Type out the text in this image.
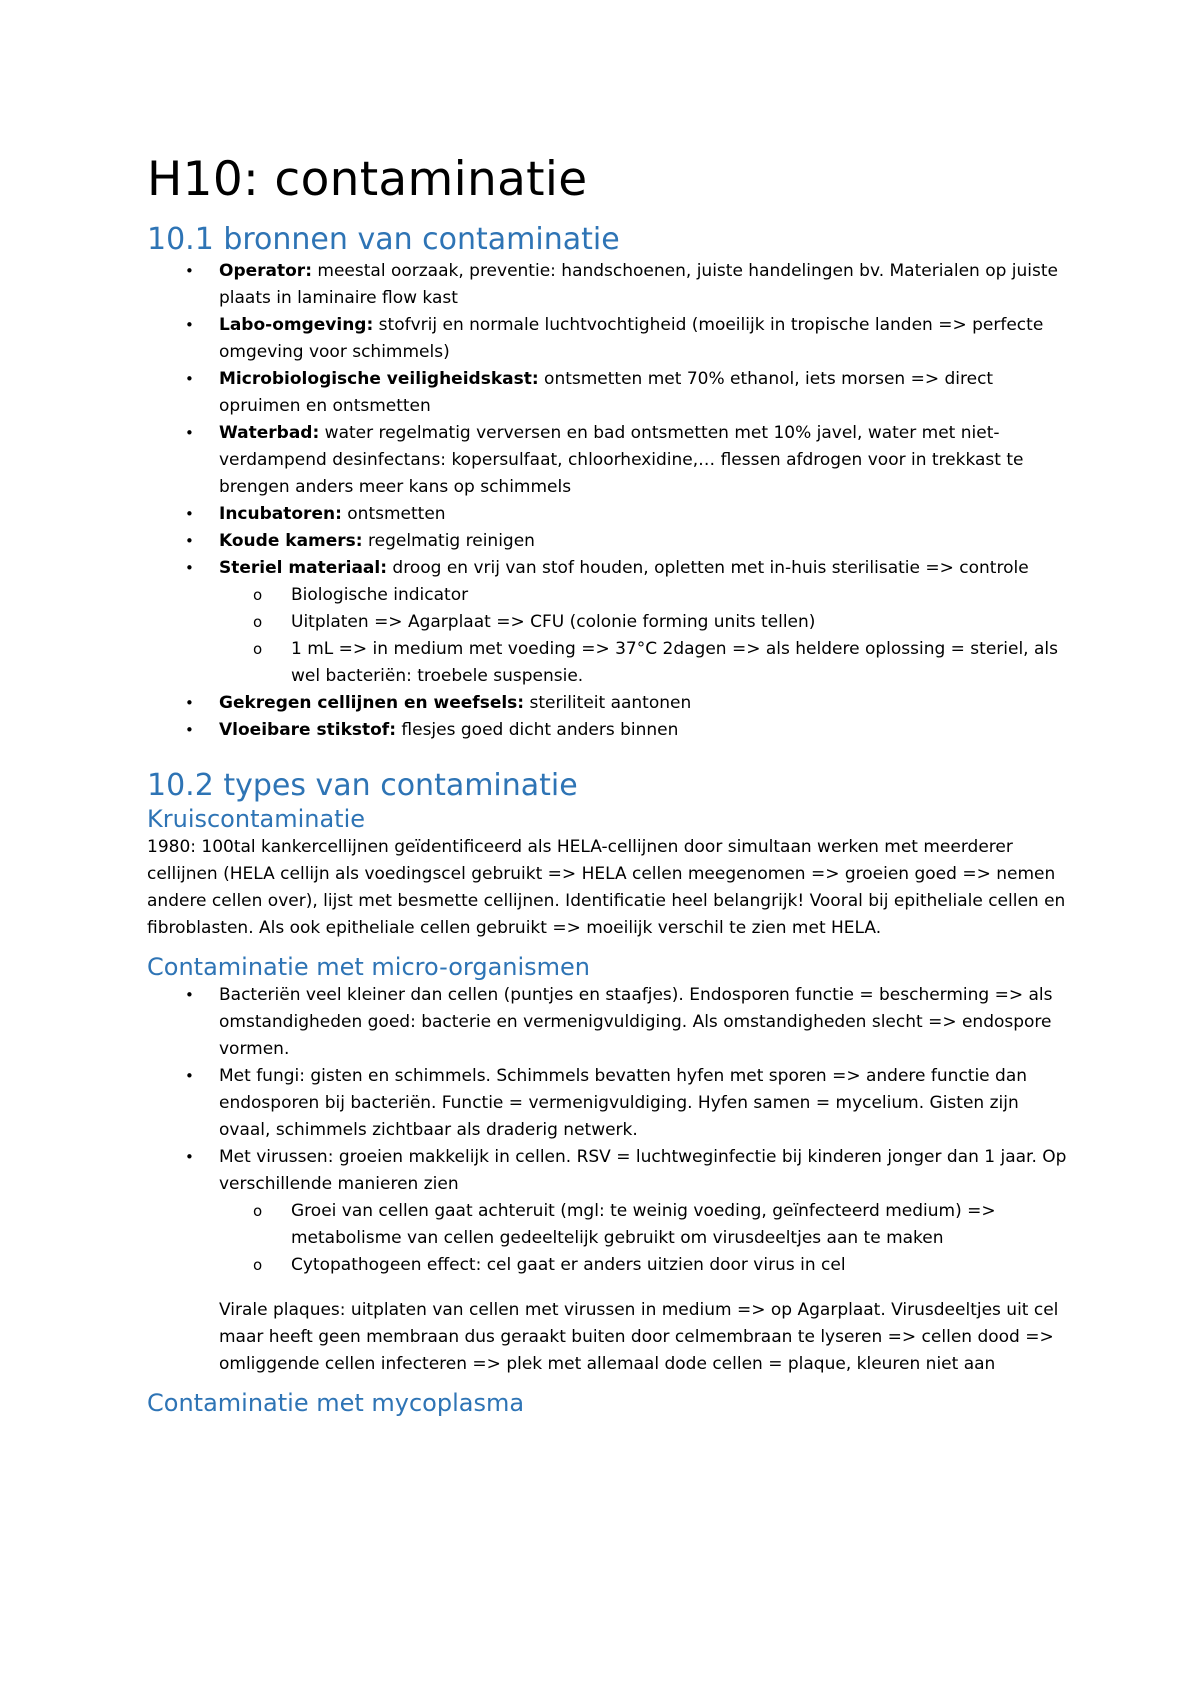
H10: contaminatie
10.1 bronnen van contaminatie
• Operator: meestal oorzaak, preventie: handschoenen, juiste handelingen bv. Materialen op juiste plaats in laminaire flow kast
• Labo-omgeving: stofvrij en normale luchtvochtigheid (moeilijk in tropische landen => perfecte omgeving voor schimmels)
• Microbiologische veiligheidskast: ontsmetten met 70% ethanol, iets morsen => direct opruimen en ontsmetten
• Waterbad: water regelmatig verversen en bad ontsmetten met 10% javel, water met niet-verdampend desinfectans: kopersulfaat, chloorhexidine,… flessen afdrogen voor in trekkast te brengen anders meer kans op schimmels
• Incubatoren: ontsmetten
• Koude kamers: regelmatig reinigen
• Steriel materiaal: droog en vrij van stof houden, opletten met in-huis sterilisatie => controle
o Biologische indicator
o Uitplaten => Agarplaat => CFU (colonie forming units tellen)
o 1 mL => in medium met voeding => 37°C 2dagen => als heldere oplossing = steriel, als wel bacteriën: troebele suspensie.
• Gekregen cellijnen en weefsels: steriliteit aantonen
• Vloeibare stikstof: flesjes goed dicht anders binnen
10.2 types van contaminatie
Kruiscontaminatie

1980: 100tal kankercellijnen geïdentificeerd als HELA-cellijnen door simultaan werken met meerderer cellijnen (HELA cellijn als voedingscel gebruikt => HELA cellen meegenomen => groeien goed => nemen andere cellen over), lijst met besmette cellijnen. Identificatie heel belangrijk! Vooral bij epitheliale cellen en fibroblasten. Als ook epitheliale cellen gebruikt => moeilijk verschil te zien met HELA.

Contaminatie met micro-organismen
• Bacteriën veel kleiner dan cellen (puntjes en staafjes). Endosporen functie = bescherming => als omstandigheden goed: bacterie en vermenigvuldiging. Als omstandigheden slecht => endospore vormen.
• Met fungi: gisten en schimmels. Schimmels bevatten hyfen met sporen => andere functie dan endosporen bij bacteriën. Functie = vermenigvuldiging. Hyfen samen = mycelium. Gisten zijn ovaal, schimmels zichtbaar als draderig netwerk.
• Met virussen: groeien makkelijk in cellen. RSV = luchtweginfectie bij kinderen jonger dan 1 jaar. Op verschillende manieren zien
o Groei van cellen gaat achteruit (mgl: te weinig voeding, geïnfecteerd medium) => metabolisme van cellen gedeeltelijk gebruikt om virusdeeltjes aan te maken
o Cytopathogeen effect: cel gaat er anders uitzien door virus in cel

Virale plaques: uitplaten van cellen met virussen in medium => op Agarplaat. Virusdeeltjes uit cel maar heeft geen membraan dus geraakt buiten door celmembraan te lyseren => cellen dood => omliggende cellen infecteren => plek met allemaal dode cellen = plaque, kleuren niet aan

Contaminatie met mycoplasma
